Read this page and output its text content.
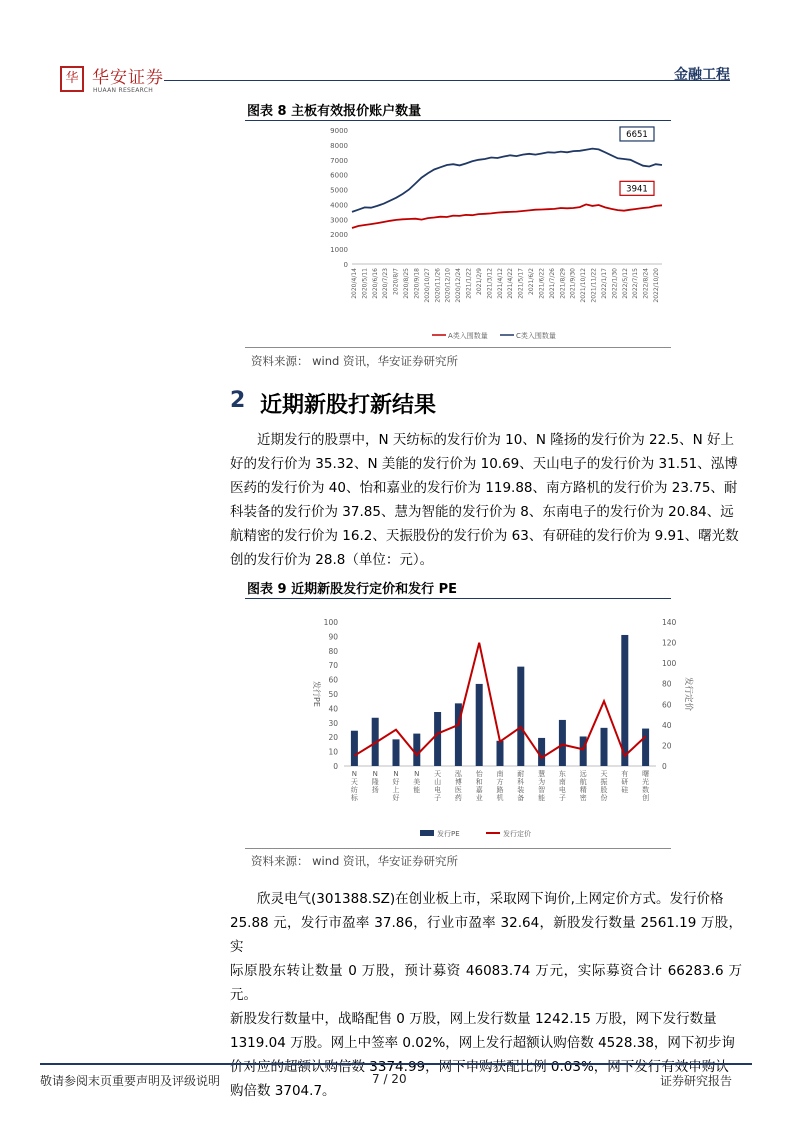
华 华安证券
HUAAN RESEARCH
金融工程
图表 8 主板有效报价账户数量
0
1000
2000
3000
4000
5000
6000
7000
8000
9000
2020/4/14 2020/5/11 2020/6/16 2020/7/23 2020/8/7 2020/8/25 2020/9/18 2020/10/27 2020/11/26 2020/12/10 2020/12/24 2021/1/22 2021/2/9 2021/3/12 2021/4/12 2021/4/22 2021/5/17 2021/6/2 2021/6/22 2021/7/26 2021/8/29 2021/9/30 2021/10/12 2021/11/22 2022/1/17 2022/1/30 2022/5/12 2022/7/15 2022/8/24 2022/10/20
3941
6651
A类入围数量	C类入围数量
资料来源： wind 资讯，华安证券研究所
2 近期新股打新结果
近期发行的股票中，N 天纺标的发行价为 10、N 隆扬的发行价为 22.5、N 好上
好的发行价为 35.32、N 美能的发行价为 10.69、天山电子的发行价为 31.51、泓博
医药的发行价为 40、怡和嘉业的发行价为 119.88、南方路机的发行价为 23.75、耐
科装备的发行价为 37.85、慧为智能的发行价为 8、东南电子的发行价为 20.84、远
航精密的发行价为 16.2、天振股份的发行价为 63、有研硅的发行价为 9.91、曙光数
创的发行价为 28.8（单位：元）。
图表 9 近期新股发行定价和发行 PE
0
10
20
30
40
50
60
70
80
90
100
0
20
40
60
80
100
120
140
发行PE	发行定价
N
天
纺
标
N
隆
扬
N
好
上
好
N
美
能
天
山
电
子
泓
博
医
药
怡
和
嘉
业
南
方
路
机
耐
科
装
备
慧
为
智
能
东
南
电
子
远
航
精
密
天
振
股
份
有
研
硅
曙
光
数
创
发行PE	发行定价
资料来源： wind 资讯，华安证券研究所
欣灵电气(301388.SZ)在创业板上市，采取网下询价,上网定价方式。发行价格
25.88 元，发行市盈率 37.86，行业市盈率 32.64，新股发行数量 2561.19 万股，实
际原股东转让数量 0 万股，预计募资 46083.74 万元，实际募资合计 66283.6 万元。
新股发行数量中，战略配售 0 万股，网上发行数量 1242.15 万股，网下发行数量
1319.04 万股。网上中签率 0.02%，网上发行超额认购倍数 4528.38，网下初步询
价对应的超额认购倍数 3374.99，网下申购获配比例 0.03%，网下发行有效申购认
购倍数 3704.7。
敬请参阅末页重要声明及评级说明	7 / 20	证券研究报告
